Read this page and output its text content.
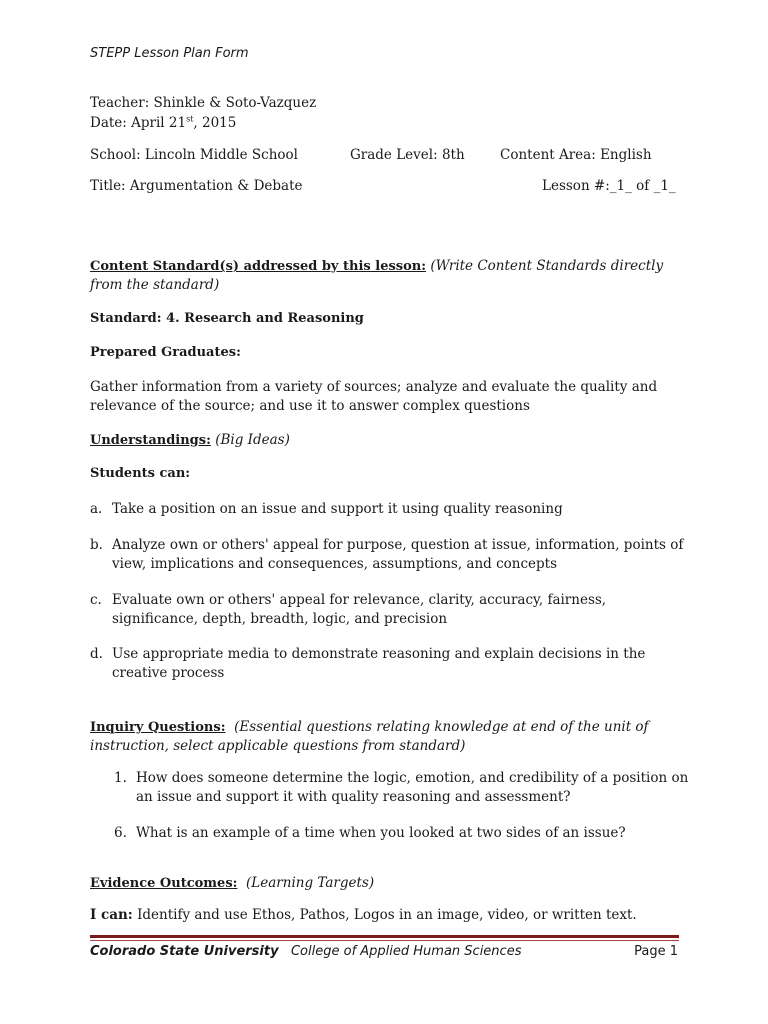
STEPP Lesson Plan Form
Teacher: Shinkle & Soto-Vazquez
Date: April 21st, 2015
School: Lincoln Middle School	Grade Level: 8th	Content Area: English
Title: Argumentation & Debate	Lesson #:_1_ of _1_
Content Standard(s) addressed by this lesson: (Write Content Standards directly
from the standard)
Standard: 4. Research and Reasoning
Prepared Graduates:
Gather information from a variety of sources; analyze and evaluate the quality and
relevance of the source; and use it to answer complex questions
Understandings: (Big Ideas)
Students can:
a. Take a position on an issue and support it using quality reasoning
b. Analyze own or others' appeal for purpose, question at issue, information, points of
view, implications and consequences, assumptions, and concepts
c. Evaluate own or others' appeal for relevance, clarity, accuracy, fairness,
significance, depth, breadth, logic, and precision
d. Use appropriate media to demonstrate reasoning and explain decisions in the
creative process
Inquiry Questions: (Essential questions relating knowledge at end of the unit of
instruction, select applicable questions from standard)
1. How does someone determine the logic, emotion, and credibility of a position on
an issue and support it with quality reasoning and assessment?
6. What is an example of a time when you looked at two sides of an issue?
Evidence Outcomes: (Learning Targets)
I can: Identify and use Ethos, Pathos, Logos in an image, video, or written text.
Colorado State University College of Applied Human Sciences	Page 1
